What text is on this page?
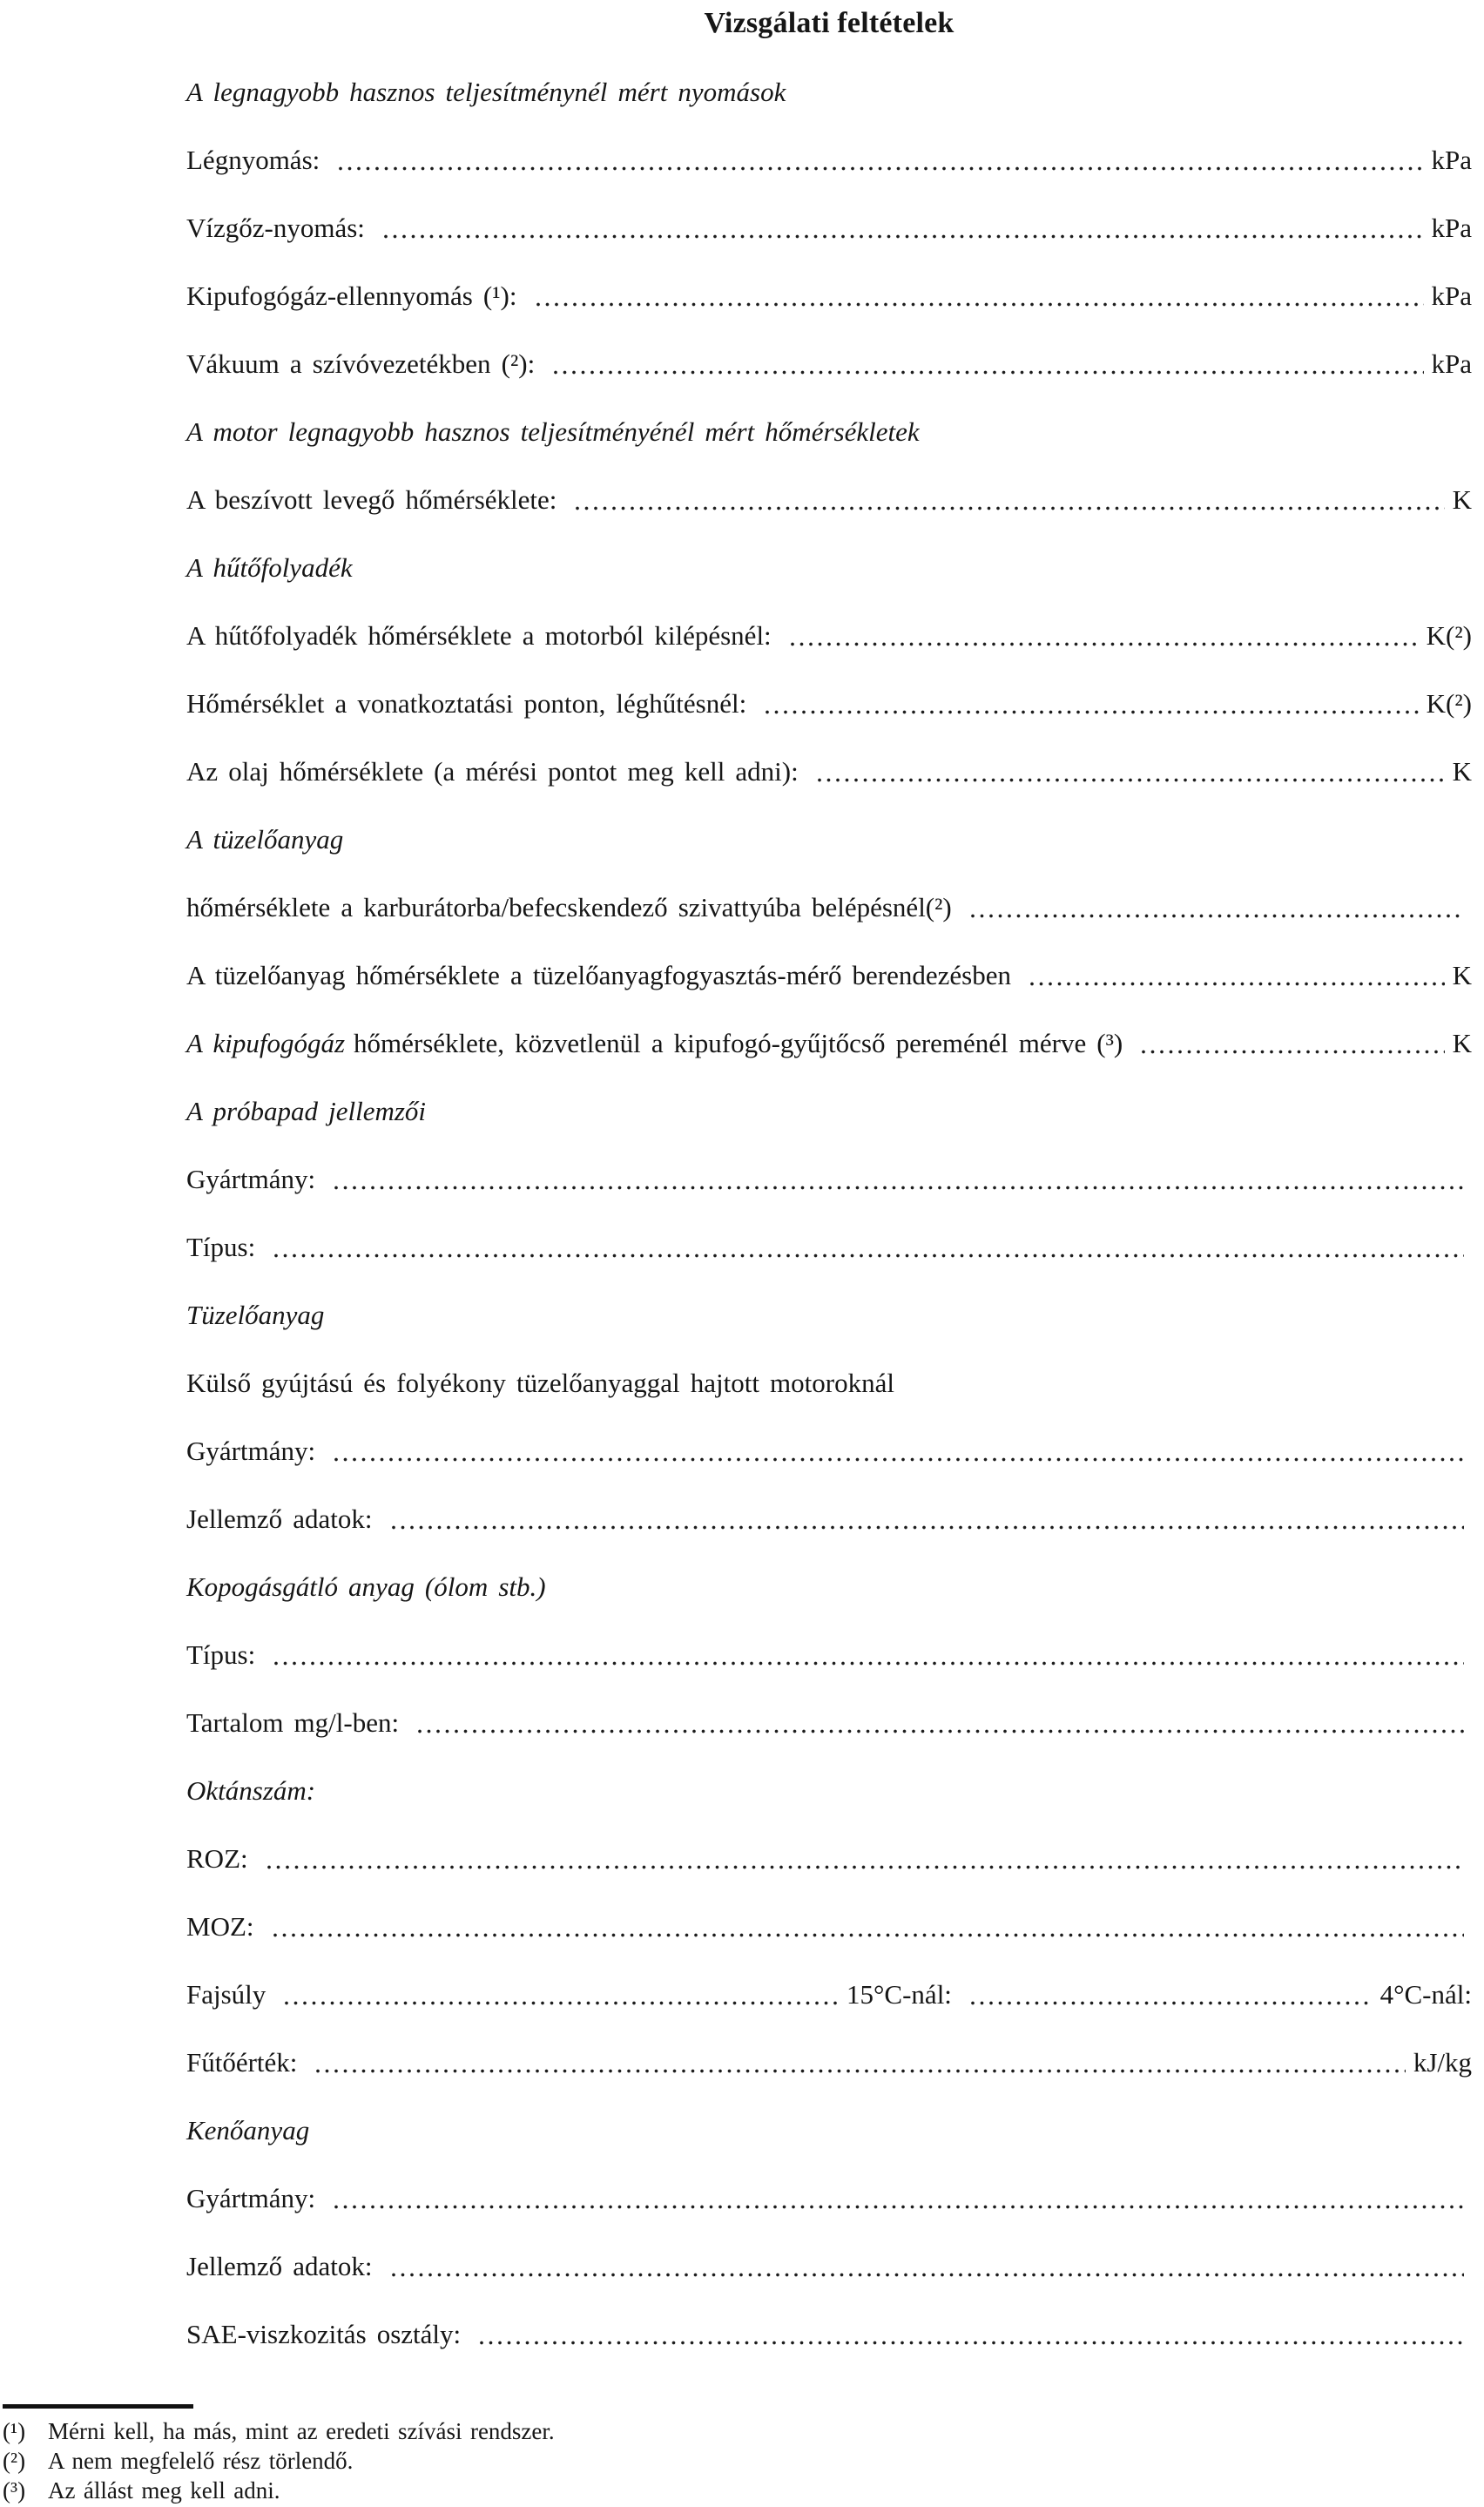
Vizsgálati feltételek
A legnagyobb hasznos teljesítménynél mért nyomások
Légnyomás:	kPa
Vízgőz-nyomás:	kPa
Kipufogógáz-ellennyomás (¹):	kPa
Vákuum a szívóvezetékben (²):	kPa
A motor legnagyobb hasznos teljesítményénél mért hőmérsékletek
A beszívott levegő hőmérséklete:	K
A hűtőfolyadék
A hűtőfolyadék hőmérséklete a motorból kilépésnél:	K(²)
Hőmérséklet a vonatkoztatási ponton, léghűtésnél:	K(²)
Az olaj hőmérséklete (a mérési pontot meg kell adni):	K
A tüzelőanyag
hőmérséklete a karburátorba/befecskendező szivattyúba belépésnél(²)
A tüzelőanyag hőmérséklete a tüzelőanyagfogyasztás-mérő berendezésben	K
A kipufogógáz hőmérséklete, közvetlenül a kipufogó-gyűjtőcső pereménél mérve (³)	K
A próbapad jellemzői
Gyártmány:
Típus:
Tüzelőanyag
Külső gyújtású és folyékony tüzelőanyaggal hajtott motoroknál
Gyártmány:
Jellemző adatok:
Kopogásgátló anyag (ólom stb.)
Típus:
Tartalom mg/l-ben:
Oktánszám:
ROZ:
MOZ:
Fajsúly	15°C-nál:	4°C-nál:
Fűtőérték:	kJ/kg
Kenőanyag
Gyártmány:
Jellemző adatok:
SAE-viszkozitás osztály:
(¹) Mérni kell, ha más, mint az eredeti szívási rendszer.
(²) A nem megfelelő rész törlendő.
(³) Az állást meg kell adni.
